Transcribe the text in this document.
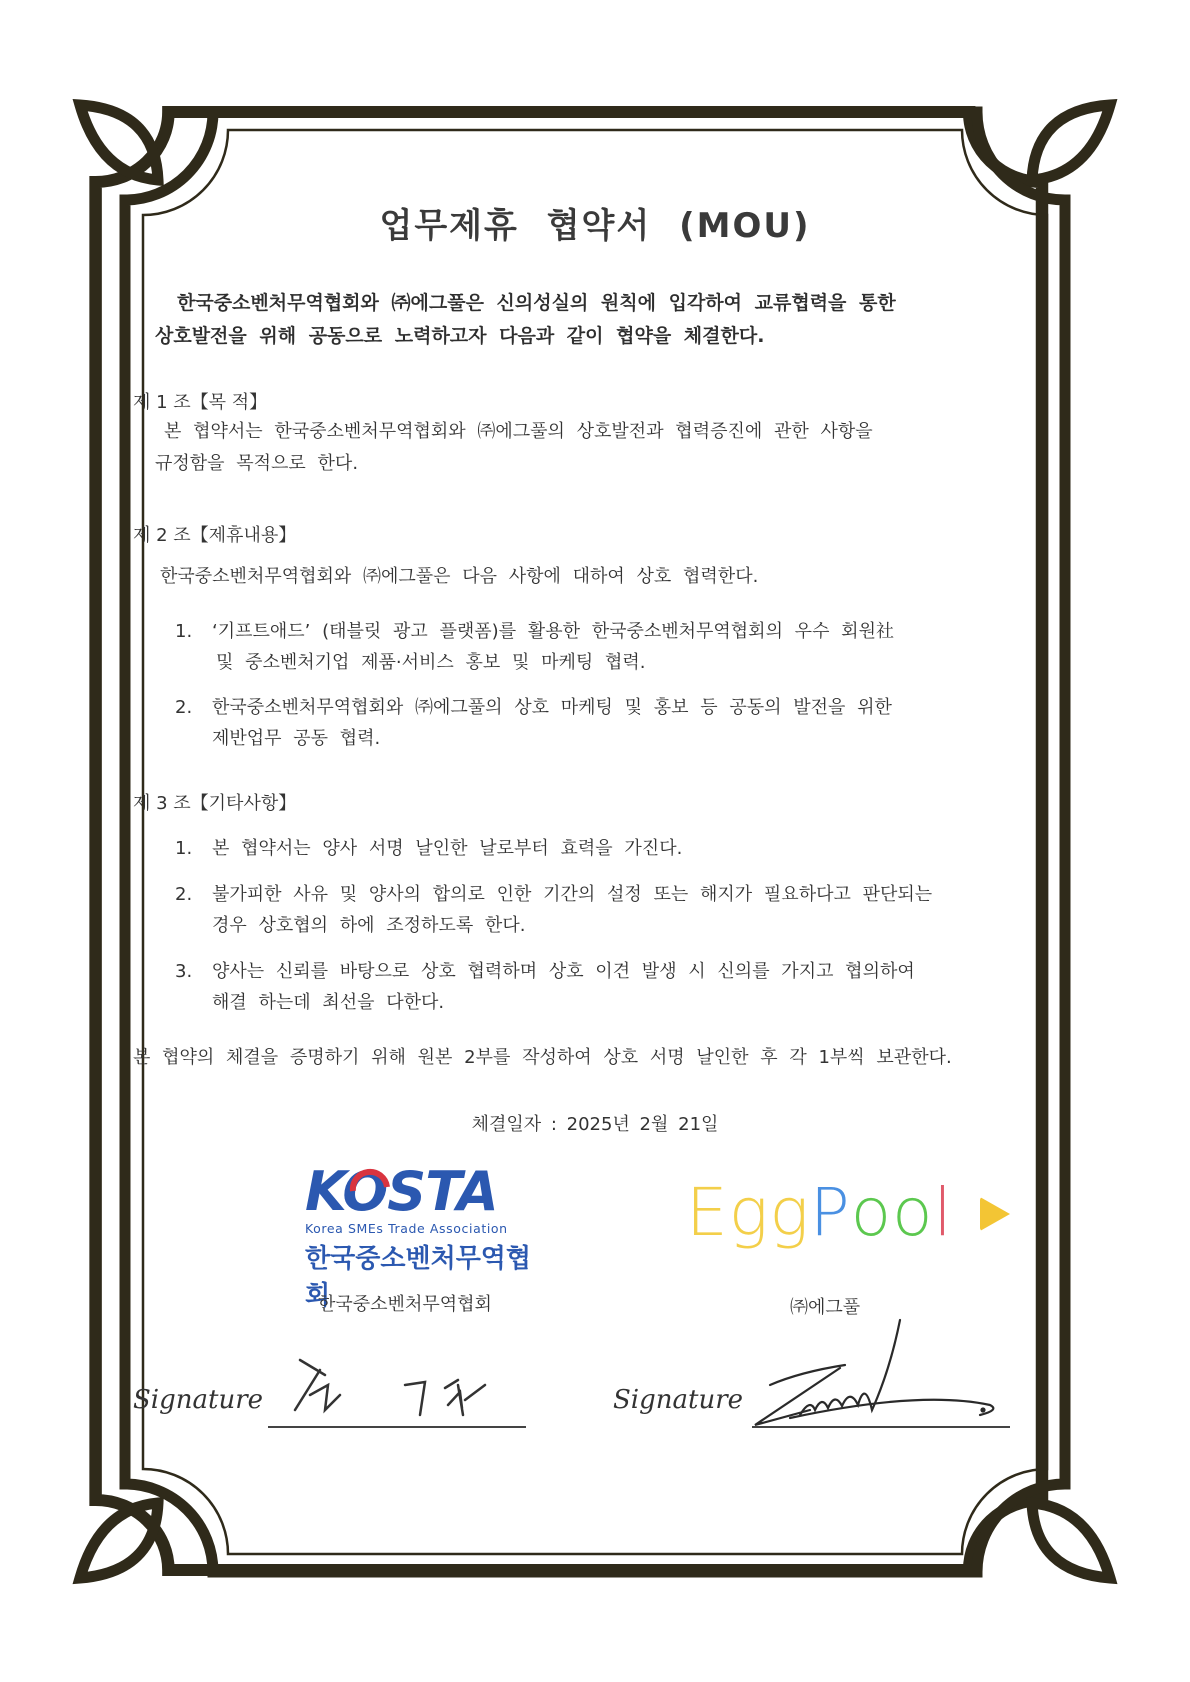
업무제휴 협약서 (MOU)
한국중소벤처무역협회와 ㈜에그풀은 신의성실의 원칙에 입각하여 교류협력을 통한
상호발전을 위해 공동으로 노력하고자 다음과 같이 협약을 체결한다.
제 1 조【목 적】
본 협약서는 한국중소벤처무역협회와 ㈜에그풀의 상호발전과 협력증진에 관한 사항을
규정함을 목적으로 한다.
제 2 조【제휴내용】
한국중소벤처무역협회와 ㈜에그풀은 다음 사항에 대하여 상호 협력한다.
1. ‘기프트애드’ (태블릿 광고 플랫폼)를 활용한 한국중소벤처무역협회의 우수 회원社
및 중소벤처기업 제품·서비스 홍보 및 마케팅 협력.
2. 한국중소벤처무역협회와 ㈜에그풀의 상호 마케팅 및 홍보 등 공동의 발전을 위한
제반업무 공동 협력.
제 3 조【기타사항】
1. 본 협약서는 양사 서명 날인한 날로부터 효력을 가진다.
2. 불가피한 사유 및 양사의 합의로 인한 기간의 설정 또는 해지가 필요하다고 판단되는
경우 상호협의 하에 조정하도록 한다.
3. 양사는 신뢰를 바탕으로 상호 협력하며 상호 이견 발생 시 신의를 가지고 협의하여
해결 하는데 최선을 다한다.
본 협약의 체결을 증명하기 위해 원본 2부를 작성하여 상호 서명 날인한 후 각 1부씩 보관한다.
체결일자 : 2025년 2월 21일
KOSTA
Korea SMEs Trade Association
한국중소벤처무역협회
한국중소벤처무역협회
EggPool
㈜에그풀
Signature	Signature
